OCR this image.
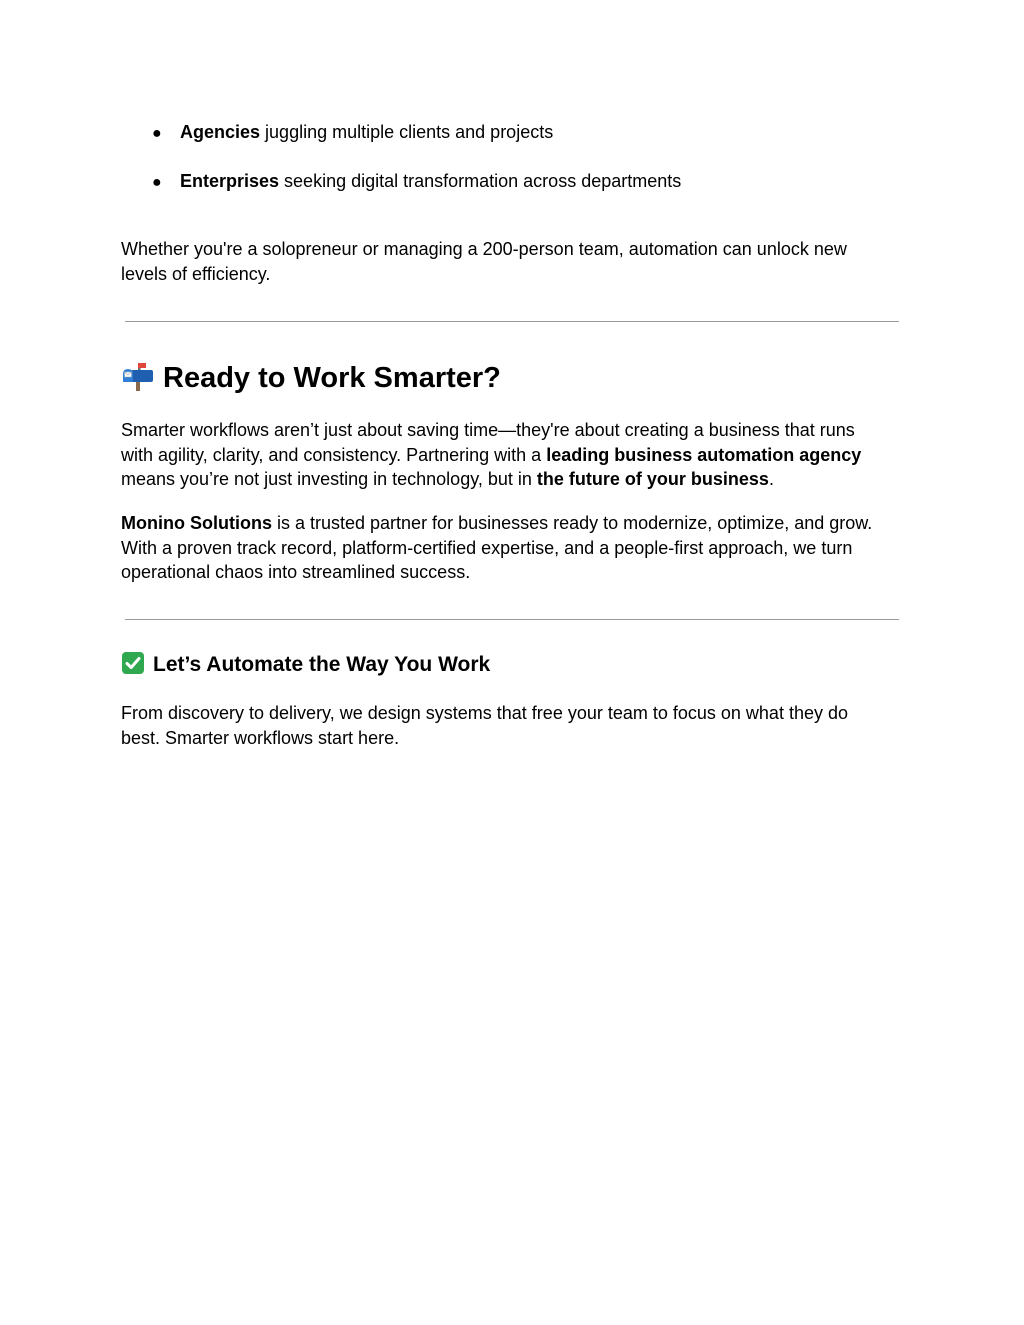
● Agencies juggling multiple clients and projects
● Enterprises seeking digital transformation across departments
Whether you're a solopreneur or managing a 200-person team, automation can unlock new
levels of efficiency.
Ready to Work Smarter?
Smarter workflows aren’t just about saving time—they're about creating a business that runs
with agility, clarity, and consistency. Partnering with a leading business automation agency
means you’re not just investing in technology, but in the future of your business.
Monino Solutions is a trusted partner for businesses ready to modernize, optimize, and grow.
With a proven track record, platform-certified expertise, and a people-first approach, we turn
operational chaos into streamlined success.
Let’s Automate the Way You Work
From discovery to delivery, we design systems that free your team to focus on what they do
best. Smarter workflows start here.
